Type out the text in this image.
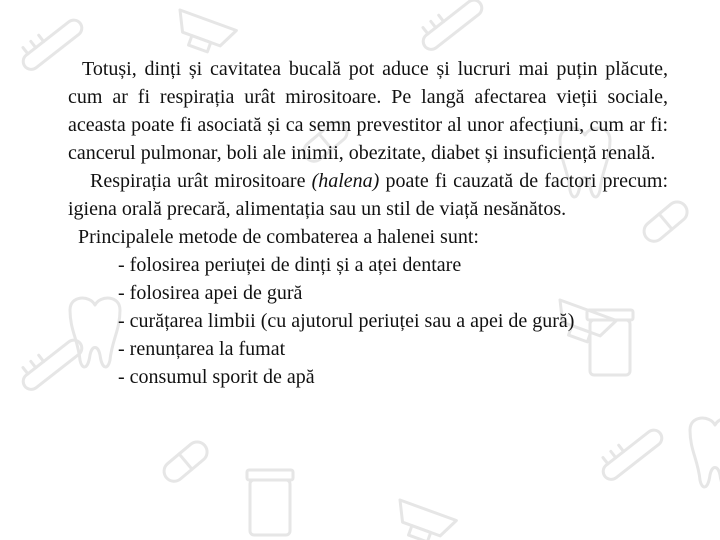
Totuși, dinți și cavitatea bucală pot aduce și lucruri mai puțin plăcute, cum ar fi respirația urât mirositoare. Pe langă afectarea vieții sociale, aceasta poate fi asociată și ca semn prevestitor al unor afecțiuni, cum ar fi: cancerul pulmonar, boli ale inimii, obezitate, diabet și insuficiență renală.

Respirația urât mirositoare (halena) poate fi cauzată de factori precum: igiena orală precară, alimentația sau un stil de viață nesănătos.

Principalele metode de combaterea a halenei sunt:

- folosirea periuței de dinți și a aței dentare
- folosirea apei de gură
- curățarea limbii (cu ajutorul periuței sau a apei de gură)
- renunțarea la fumat
- consumul sporit de apă
